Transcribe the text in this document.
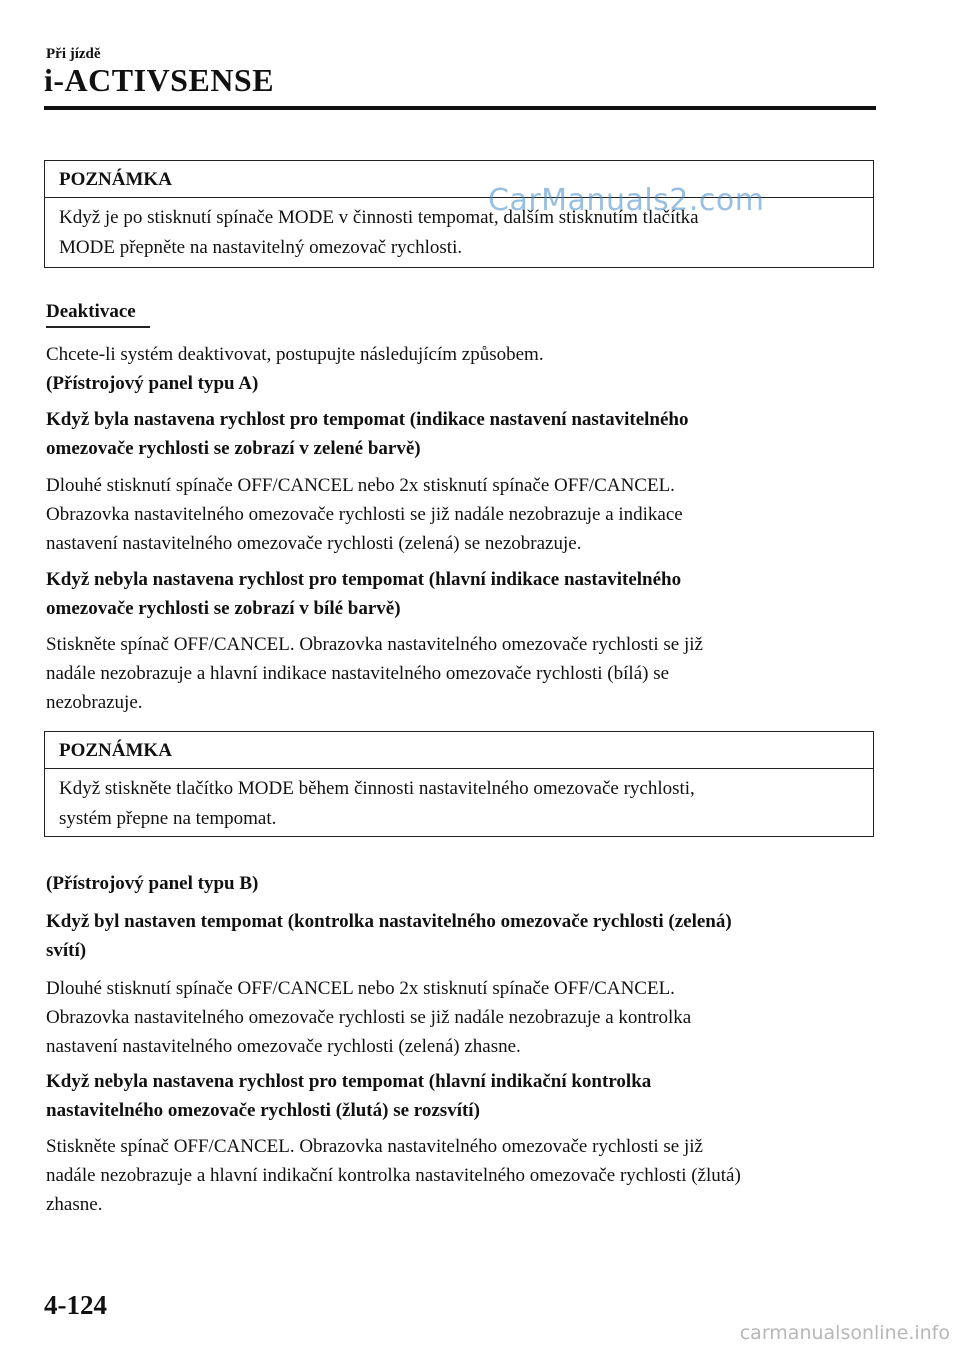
Při jízdě
i-ACTIVSENSE
POZNÁMKA
Když je po stisknutí spínače MODE v činnosti tempomat, dalším stisknutím tlačítka
MODE přepněte na nastavitelný omezovač rychlosti.
CarManuals2.com
Deaktivace
Chcete-li systém deaktivovat, postupujte následujícím způsobem.
(Přístrojový panel typu A)
Když byla nastavena rychlost pro tempomat (indikace nastavení nastavitelného
omezovače rychlosti se zobrazí v zelené barvě)
Dlouhé stisknutí spínače OFF/CANCEL nebo 2x stisknutí spínače OFF/CANCEL.
Obrazovka nastavitelného omezovače rychlosti se již nadále nezobrazuje a indikace
nastavení nastavitelného omezovače rychlosti (zelená) se nezobrazuje.
Když nebyla nastavena rychlost pro tempomat (hlavní indikace nastavitelného
omezovače rychlosti se zobrazí v bílé barvě)
Stiskněte spínač OFF/CANCEL. Obrazovka nastavitelného omezovače rychlosti se již
nadále nezobrazuje a hlavní indikace nastavitelného omezovače rychlosti (bílá) se
nezobrazuje.
POZNÁMKA
Když stiskněte tlačítko MODE během činnosti nastavitelného omezovače rychlosti,
systém přepne na tempomat.
(Přístrojový panel typu B)
Když byl nastaven tempomat (kontrolka nastavitelného omezovače rychlosti (zelená)
svítí)
Dlouhé stisknutí spínače OFF/CANCEL nebo 2x stisknutí spínače OFF/CANCEL.
Obrazovka nastavitelného omezovače rychlosti se již nadále nezobrazuje a kontrolka
nastavení nastavitelného omezovače rychlosti (zelená) zhasne.
Když nebyla nastavena rychlost pro tempomat (hlavní indikační kontrolka
nastavitelného omezovače rychlosti (žlutá) se rozsvítí)
Stiskněte spínač OFF/CANCEL. Obrazovka nastavitelného omezovače rychlosti se již
nadále nezobrazuje a hlavní indikační kontrolka nastavitelného omezovače rychlosti (žlutá)
zhasne.
4-124
carmanualsonline.info
